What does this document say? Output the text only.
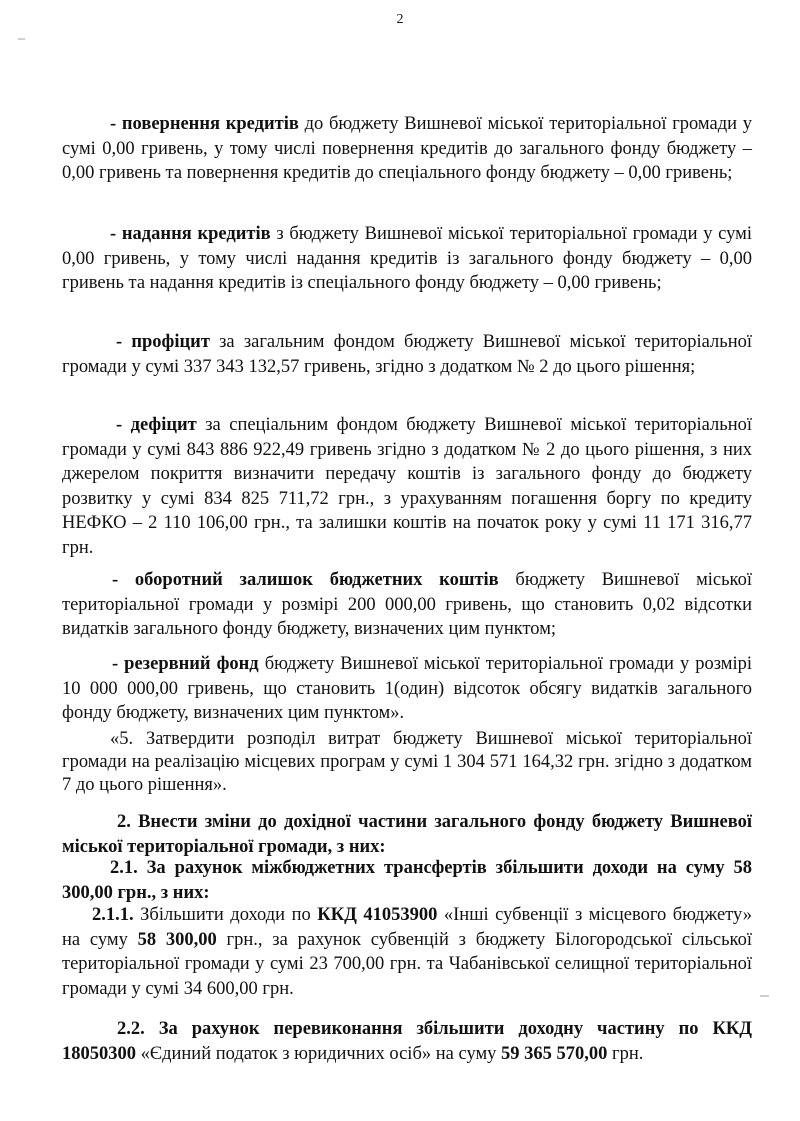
2

- повернення кредитів до бюджету Вишневої міської територіальної громади у сумі 0,00 гривень, у тому числі повернення кредитів до загального фонду бюджету – 0,00 гривень та повернення кредитів до спеціального фонду бюджету – 0,00 гривень;

- надання кредитів з бюджету Вишневої міської територіальної громади у сумі 0,00 гривень, у тому числі надання кредитів із загального фонду бюджету – 0,00 гривень та надання кредитів із спеціального фонду бюджету – 0,00 гривень;

- профіцит за загальним фондом бюджету Вишневої міської територіальної громади у сумі 337 343 132,57 гривень, згідно з додатком № 2 до цього рішення;

- дефіцит за спеціальним фондом бюджету Вишневої міської територіальної громади у сумі 843 886 922,49 гривень згідно з додатком № 2 до цього рішення, з них джерелом покриття визначити передачу коштів із загального фонду до бюджету розвитку у сумі 834 825 711,72 грн., з урахуванням погашення боргу по кредиту НЕФКО – 2 110 106,00 грн., та залишки коштів на початок року у сумі 11 171 316,77 грн.

- оборотний залишок бюджетних коштів бюджету Вишневої міської територіальної громади у розмірі 200 000,00 гривень, що становить 0,02 відсотки видатків загального фонду бюджету, визначених цим пунктом;

- резервний фонд бюджету Вишневої міської територіальної громади у розмірі 10 000 000,00 гривень, що становить 1(один) відсоток обсягу видатків загального фонду бюджету, визначених цим пунктом».

«5. Затвердити розподіл витрат бюджету Вишневої міської територіальної громади на реалізацію місцевих програм у сумі 1 304 571 164,32 грн. згідно з додатком 7 до цього рішення».

2. Внести зміни до дохідної частини загального фонду бюджету Вишневої міської територіальної громади, з них:

2.1. За рахунок міжбюджетних трансфертів збільшити доходи на суму 58 300,00 грн., з них:

2.1.1. Збільшити доходи по ККД 41053900 «Інші субвенції з місцевого бюджету» на суму 58 300,00 грн., за рахунок субвенцій з бюджету Білогородської сільської територіальної громади у сумі 23 700,00 грн. та Чабанівської селищної територіальної громади у сумі 34 600,00 грн.

2.2. За рахунок перевиконання збільшити доходну частину по ККД 18050300 «Єдиний податок з юридичних осіб» на суму 59 365 570,00 грн.
